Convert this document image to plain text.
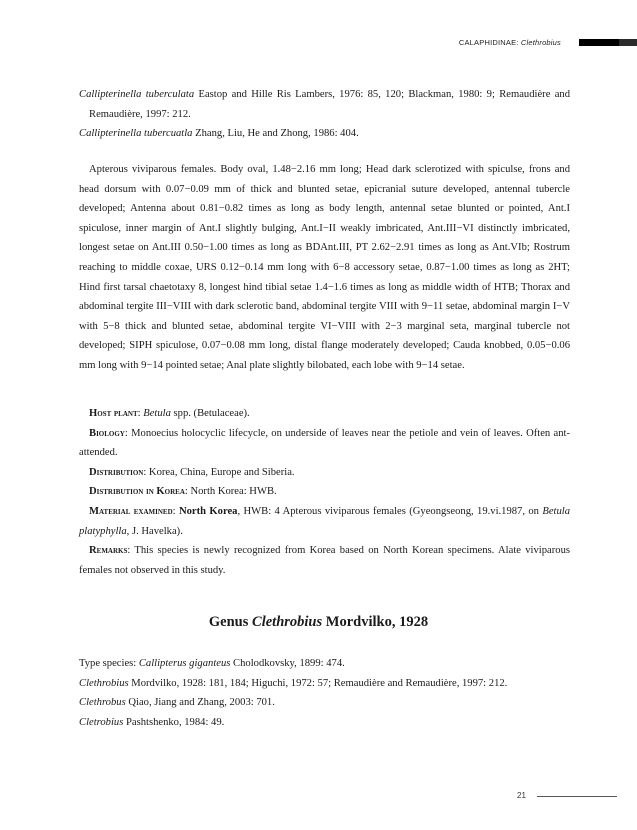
CALAPHIDINAE: Clethrobius

Callipterinella tuberculata Eastop and Hille Ris Lambers, 1976: 85, 120; Blackman, 1980: 9; Remaudière and Remaudière, 1997: 212.

Callipterinella tubercuatla Zhang, Liu, He and Zhong, 1986: 404.

Apterous viviparous females. Body oval, 1.48−2.16 mm long; Head dark sclerotized with spiculse, frons and head dorsum with 0.07−0.09 mm of thick and blunted setae, epicranial suture developed, antennal tubercle developed; Antenna about 0.81−0.82 times as long as body length, antennal setae blunted or pointed, Ant.I spiculose, inner margin of Ant.I slightly bulging, Ant.I−II weakly imbricated, Ant.III−VI distinctly imbricated, longest setae on Ant.III 0.50−1.00 times as long as BDAnt.III, PT 2.62−2.91 times as long as Ant.VIb; Rostrum reaching to middle coxae, URS 0.12−0.14 mm long with 6−8 accessory setae, 0.87−1.00 times as long as 2HT; Hind first tarsal chaetotaxy 8, longest hind tibial setae 1.4−1.6 times as long as middle width of HTB; Thorax and abdominal tergite III−VIII with dark sclerotic band, abdominal tergite VIII with 9−11 setae, abdominal margin I−V with 5−8 thick and blunted setae, abdominal tergite VI−VIII with 2−3 marginal seta, marginal tubercle not developed; SIPH spiculose, 0.07−0.08 mm long, distal flange moderately developed; Cauda knobbed, 0.05−0.06 mm long with 9−14 pointed setae; Anal plate slightly bilobated, each lobe with 9−14 setae.

Host plant: Betula spp. (Betulaceae).

Biology: Monoecius holocyclic lifecycle, on underside of leaves near the petiole and vein of leaves. Often ant-attended.

Distribution: Korea, China, Europe and Siberia.

Distribution in Korea: North Korea: HWB.

Material examined: North Korea, HWB: 4 Apterous viviparous females (Gyeongseong, 19.vi.1987, on Betula platyphylla, J. Havelka).

Remarks: This species is newly recognized from Korea based on North Korean specimens. Alate viviparous females not observed in this study.

Genus Clethrobius Mordvilko, 1928

Type species: Callipterus giganteus Cholodkovsky, 1899: 474.

Clethrobius Mordvilko, 1928: 181, 184; Higuchi, 1972: 57; Remaudière and Remaudière, 1997: 212.

Clethrobus Qiao, Jiang and Zhang, 2003: 701.

Cletrobius Pashtshenko, 1984: 49.

21
